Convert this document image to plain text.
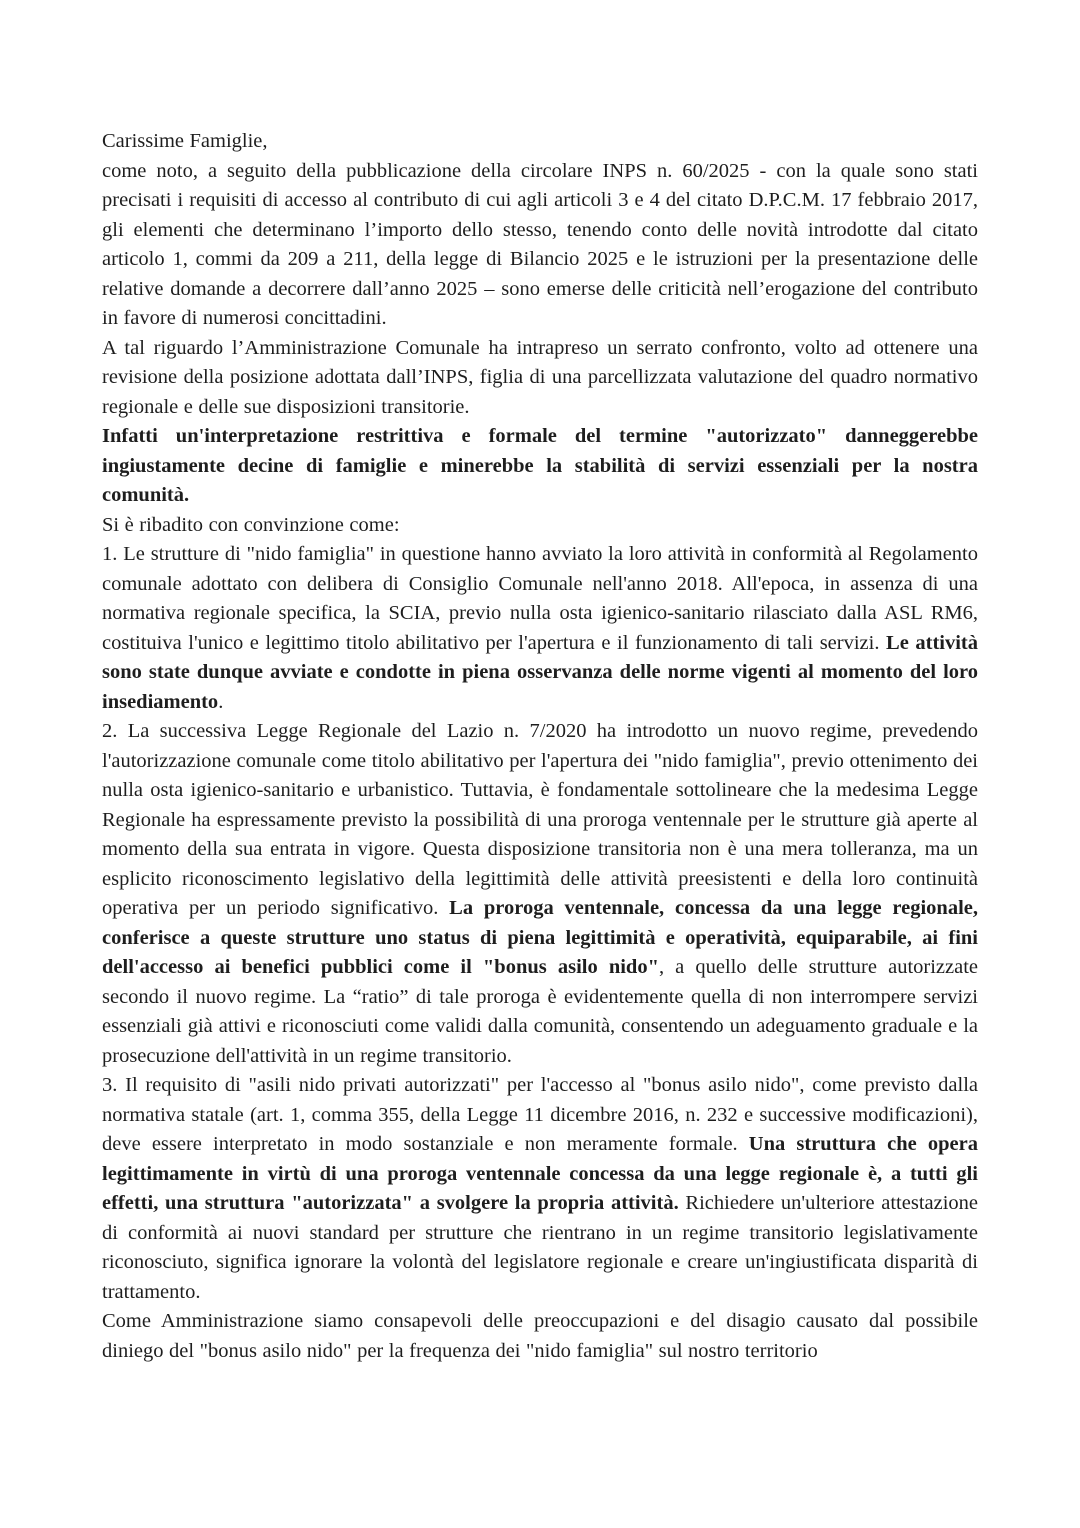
Carissime Famiglie,

come noto, a seguito della pubblicazione della circolare INPS n. 60/2025 - con la quale sono stati precisati i requisiti di accesso al contributo di cui agli articoli 3 e 4 del citato D.P.C.M. 17 febbraio 2017, gli elementi che determinano l’importo dello stesso, tenendo conto delle novità introdotte dal citato articolo 1, commi da 209 a 211, della legge di Bilancio 2025 e le istruzioni per la presentazione delle relative domande a decorrere dall’anno 2025 – sono emerse delle criticità nell’erogazione del contributo in favore di numerosi concittadini.

A tal riguardo l’Amministrazione Comunale ha intrapreso un serrato confronto, volto ad ottenere una revisione della posizione adottata dall’INPS, figlia di una parcellizzata valutazione del quadro normativo regionale e delle sue disposizioni transitorie.

Infatti un'interpretazione restrittiva e formale del termine "autorizzato" danneggerebbe ingiustamente decine di famiglie e minerebbe la stabilità di servizi essenziali per la nostra comunità.

Si è ribadito con convinzione come:

1. Le strutture di "nido famiglia" in questione hanno avviato la loro attività in conformità al Regolamento comunale adottato con delibera di Consiglio Comunale nell'anno 2018. All'epoca, in assenza di una normativa regionale specifica, la SCIA, previo nulla osta igienico-sanitario rilasciato dalla ASL RM6, costituiva l'unico e legittimo titolo abilitativo per l'apertura e il funzionamento di tali servizi. Le attività sono state dunque avviate e condotte in piena osservanza delle norme vigenti al momento del loro insediamento.

2. La successiva Legge Regionale del Lazio n. 7/2020 ha introdotto un nuovo regime, prevedendo l'autorizzazione comunale come titolo abilitativo per l'apertura dei "nido famiglia", previo ottenimento dei nulla osta igienico-sanitario e urbanistico. Tuttavia, è fondamentale sottolineare che la medesima Legge Regionale ha espressamente previsto la possibilità di una proroga ventennale per le strutture già aperte al momento della sua entrata in vigore. Questa disposizione transitoria non è una mera tolleranza, ma un esplicito riconoscimento legislativo della legittimità delle attività preesistenti e della loro continuità operativa per un periodo significativo. La proroga ventennale, concessa da una legge regionale, conferisce a queste strutture uno status di piena legittimità e operatività, equiparabile, ai fini dell'accesso ai benefici pubblici come il "bonus asilo nido", a quello delle strutture autorizzate secondo il nuovo regime. La “ratio” di tale proroga è evidentemente quella di non interrompere servizi essenziali già attivi e riconosciuti come validi dalla comunità, consentendo un adeguamento graduale e la prosecuzione dell'attività in un regime transitorio.

3. Il requisito di "asili nido privati autorizzati" per l'accesso al "bonus asilo nido", come previsto dalla normativa statale (art. 1, comma 355, della Legge 11 dicembre 2016, n. 232 e successive modificazioni), deve essere interpretato in modo sostanziale e non meramente formale. Una struttura che opera legittimamente in virtù di una proroga ventennale concessa da una legge regionale è, a tutti gli effetti, una struttura "autorizzata" a svolgere la propria attività. Richiedere un'ulteriore attestazione di conformità ai nuovi standard per strutture che rientrano in un regime transitorio legislativamente riconosciuto, significa ignorare la volontà del legislatore regionale e creare un'ingiustificata disparità di trattamento.

Come Amministrazione siamo consapevoli delle preoccupazioni e del disagio causato dal possibile diniego del "bonus asilo nido" per la frequenza dei "nido famiglia" sul nostro territorio
